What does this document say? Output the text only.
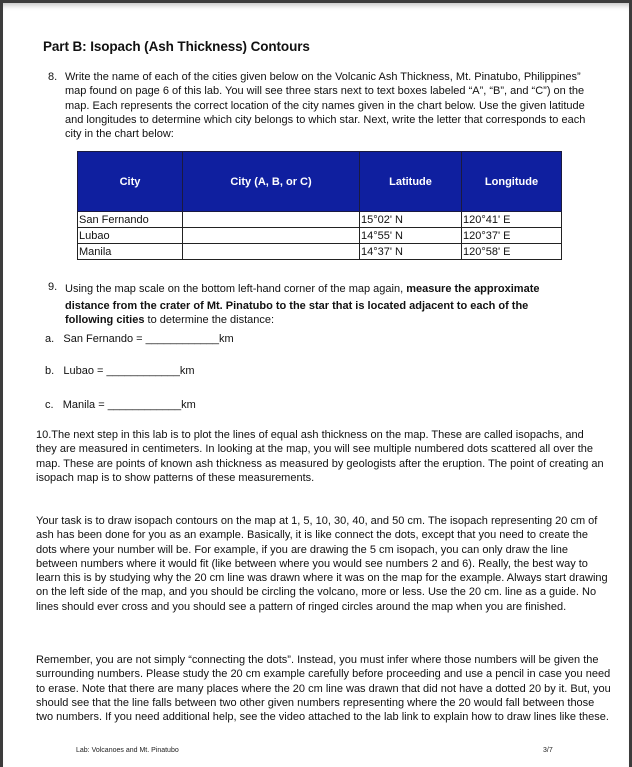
Part B: Isopach (Ash Thickness) Contours
8. Write the name of each of the cities given below on the Volcanic Ash Thickness, Mt. Pinatubo, Philippines” map found on page 6 of this lab. You will see three stars next to text boxes labeled “A”, “B”, and “C”) on the map. Each represents the correct location of the city names given in the chart below. Use the given latitude and longitudes to determine which city belongs to which star. Next, write the letter that corresponds to each city in the chart below:
City	City (A, B, or C)	Latitude	Longitude
San Fernando		15°02' N	120°41' E
Lubao		14°55' N	120°37' E
Manila		14°37' N	120°58' E
9. Using the map scale on the bottom left-hand corner of the map again, measure the approximate
distance from the crater of Mt. Pinatubo to the star that is located adjacent to each of the
following cities to determine the distance:
a. San Fernando = ____________km
b. Lubao = ____________km
c. Manila = ____________km
10.The next step in this lab is to plot the lines of equal ash thickness on the map. These are called isopachs, and they are measured in centimeters. In looking at the map, you will see multiple numbered dots scattered all over the map. These are points of known ash thickness as measured by geologists after the eruption. The point of creating an isopach map is to show patterns of these measurements.
Your task is to draw isopach contours on the map at 1, 5, 10, 30, 40, and 50 cm. The isopach representing 20 cm of ash has been done for you as an example. Basically, it is like connect the dots, except that you need to create the dots where your number will be. For example, if you are drawing the 5 cm isopach, you can only draw the line between numbers where it would fit (like between where you would see numbers 2 and 6). Really, the best way to learn this is by studying why the 20 cm line was drawn where it was on the map for the example. Always start drawing on the left side of the map, and you should be circling the volcano, more or less. Use the 20 cm. line as a guide. No lines should ever cross and you should see a pattern of ringed circles around the map when you are finished.
Remember, you are not simply “connecting the dots”. Instead, you must infer where those numbers will be given the surrounding numbers. Please study the 20 cm example carefully before proceeding and use a pencil in case you need to erase. Note that there are many places where the 20 cm line was drawn that did not have a dotted 20 by it. But, you should see that the line falls between two other given numbers representing where the 20 would fall between those two numbers. If you need additional help, see the video attached to the lab link to explain how to draw lines like these.
Lab: Volcanoes and Mt. Pinatubo	3/7
